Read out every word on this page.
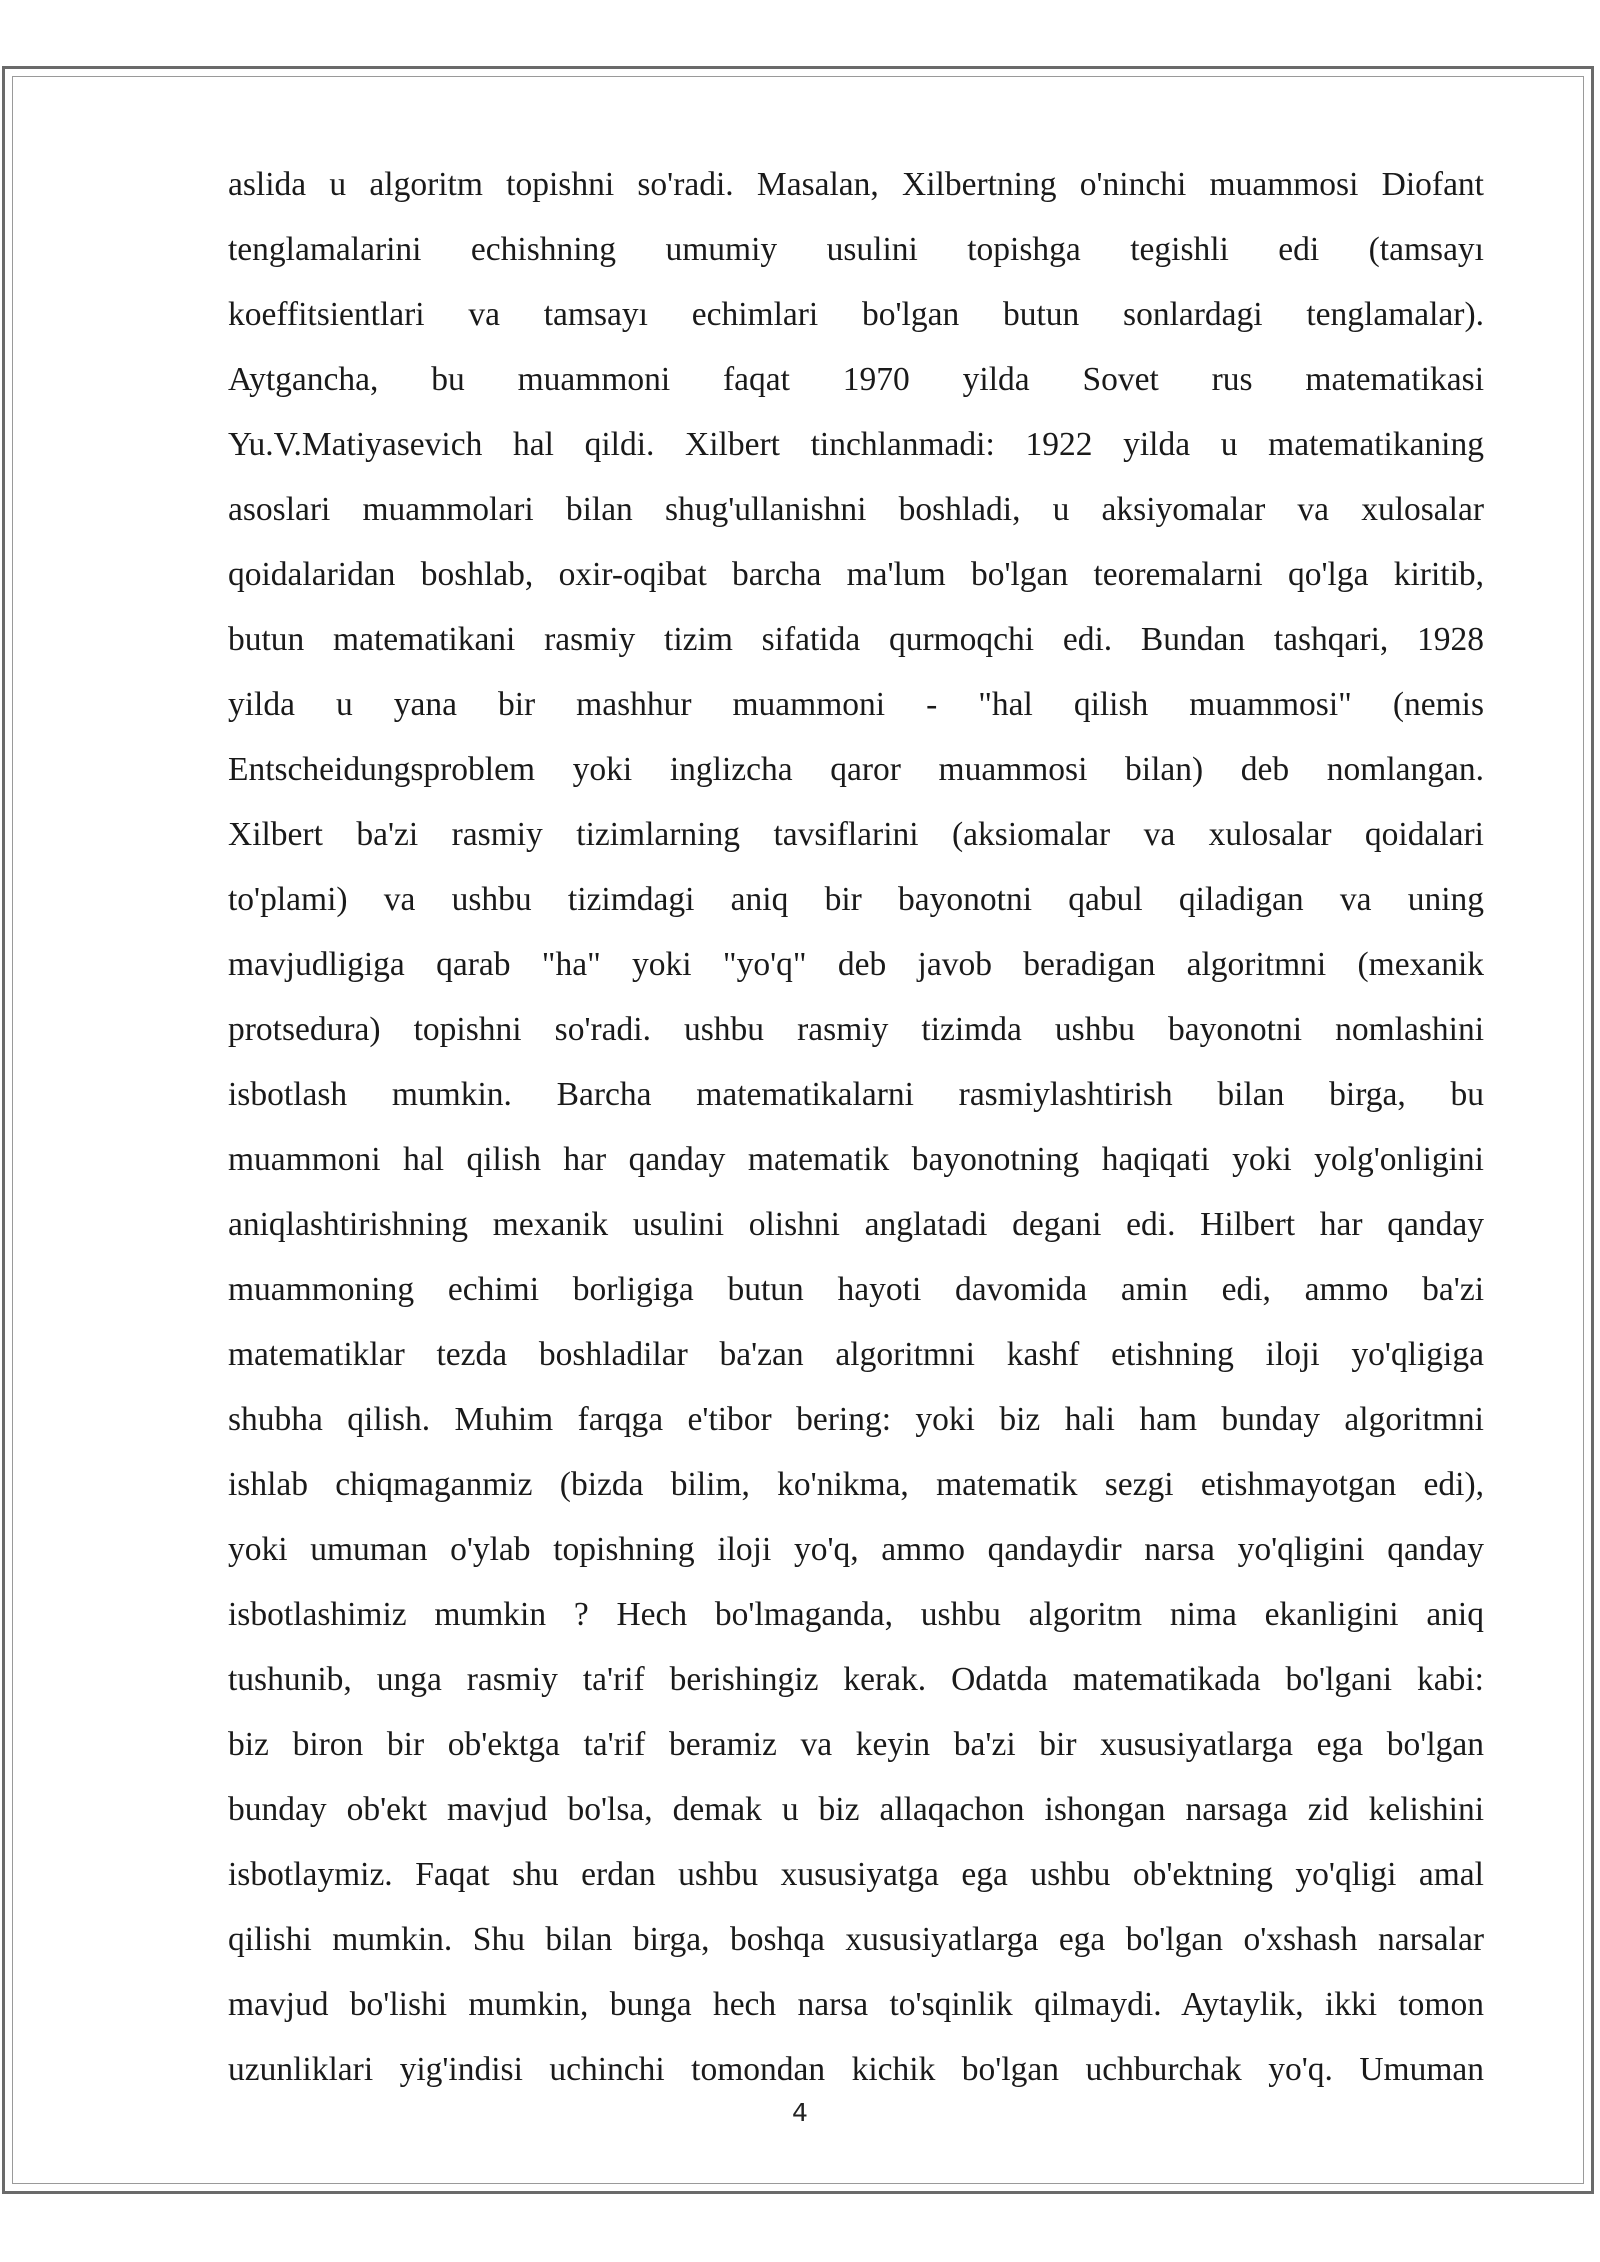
aslida u algoritm topishni so'radi. Masalan, Xilbertning o'ninchi muammosi Diofant
tenglamalarini echishning umumiy usulini topishga tegishli edi (tamsayı
koeffitsientlari va tamsayı echimlari bo'lgan butun sonlardagi tenglamalar).
Aytgancha, bu muammoni faqat 1970 yilda Sovet rus matematikasi
Yu.V.Matiyasevich hal qildi. Xilbert tinchlanmadi: 1922 yilda u matematikaning
asoslari muammolari bilan shug'ullanishni boshladi, u aksiyomalar va xulosalar
qoidalaridan boshlab, oxir-oqibat barcha ma'lum bo'lgan teoremalarni qo'lga kiritib,
butun matematikani rasmiy tizim sifatida qurmoqchi edi. Bundan tashqari, 1928
yilda u yana bir mashhur muammoni - "hal qilish muammosi" (nemis
Entscheidungsproblem yoki inglizcha qaror muammosi bilan) deb nomlangan.
Xilbert ba'zi rasmiy tizimlarning tavsiflarini (aksiomalar va xulosalar qoidalari
to'plami) va ushbu tizimdagi aniq bir bayonotni qabul qiladigan va uning
mavjudligiga qarab "ha" yoki "yo'q" deb javob beradigan algoritmni (mexanik
protsedura) topishni so'radi. ushbu rasmiy tizimda ushbu bayonotni nomlashini
isbotlash mumkin. Barcha matematikalarni rasmiylashtirish bilan birga, bu
muammoni hal qilish har qanday matematik bayonotning haqiqati yoki yolg'onligini
aniqlashtirishning mexanik usulini olishni anglatadi degani edi. Hilbert har qanday
muammoning echimi borligiga butun hayoti davomida amin edi, ammo ba'zi
matematiklar tezda boshladilar ba'zan algoritmni kashf etishning iloji yo'qligiga
shubha qilish. Muhim farqga e'tibor bering: yoki biz hali ham bunday algoritmni
ishlab chiqmaganmiz (bizda bilim, ko'nikma, matematik sezgi etishmayotgan edi),
yoki umuman o'ylab topishning iloji yo'q, ammo qandaydir narsa yo'qligini qanday
isbotlashimiz mumkin ? Hech bo'lmaganda, ushbu algoritm nima ekanligini aniq
tushunib, unga rasmiy ta'rif berishingiz kerak. Odatda matematikada bo'lgani kabi:
biz biron bir ob'ektga ta'rif beramiz va keyin ba'zi bir xususiyatlarga ega bo'lgan
bunday ob'ekt mavjud bo'lsa, demak u biz allaqachon ishongan narsaga zid kelishini
isbotlaymiz. Faqat shu erdan ushbu xususiyatga ega ushbu ob'ektning yo'qligi amal
qilishi mumkin. Shu bilan birga, boshqa xususiyatlarga ega bo'lgan o'xshash narsalar
mavjud bo'lishi mumkin, bunga hech narsa to'sqinlik qilmaydi. Aytaylik, ikki tomon
uzunliklari yig'indisi uchinchi tomondan kichik bo'lgan uchburchak yo'q. Umuman
4
